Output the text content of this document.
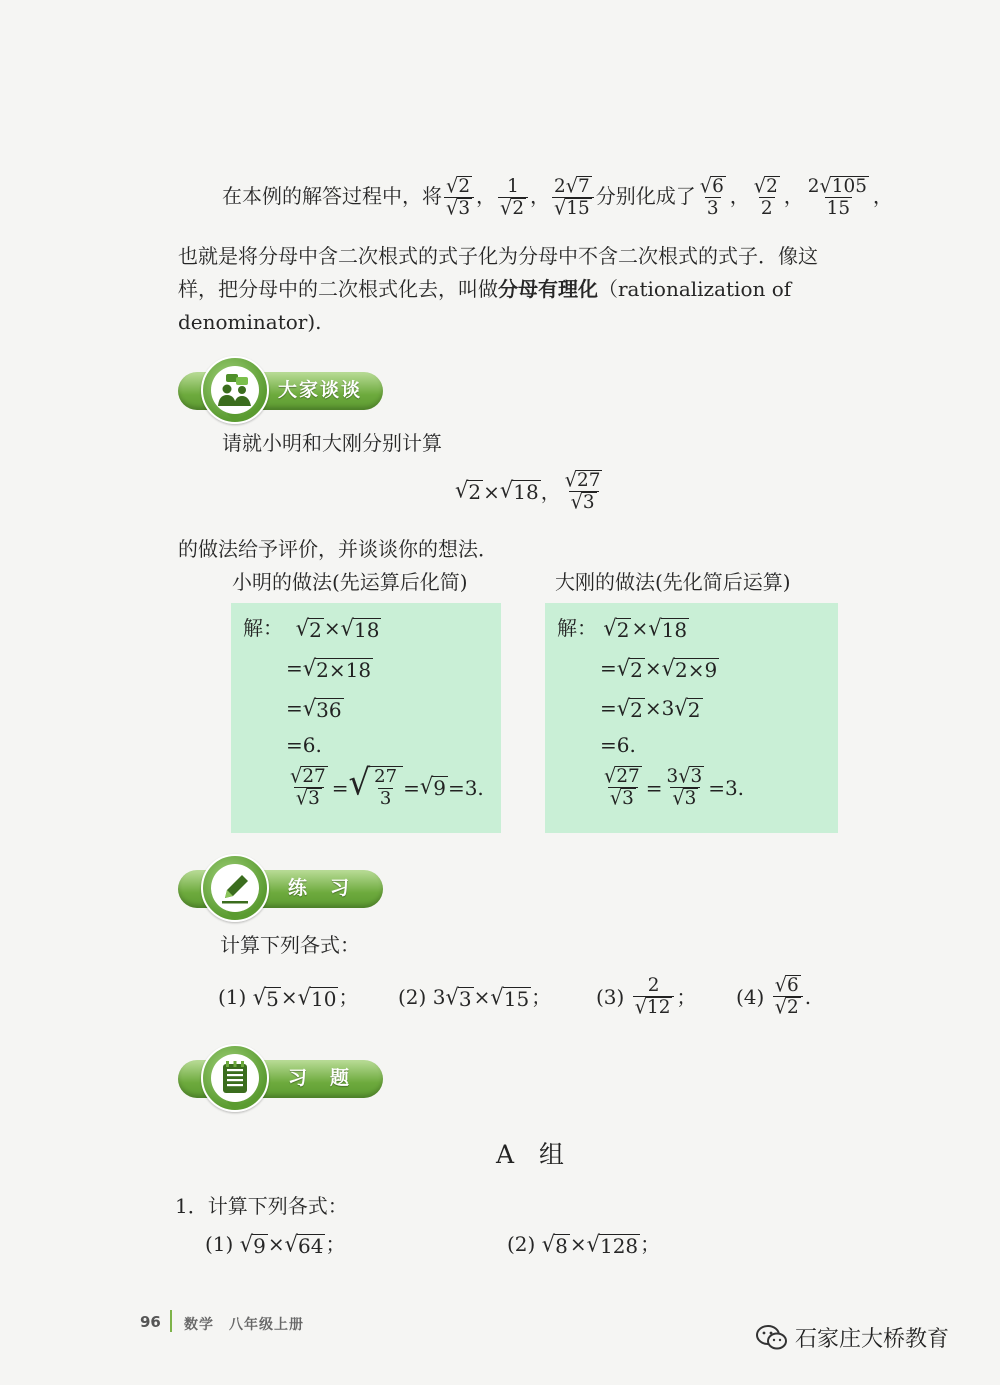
在本例的解答过程中，将 $\frac{√ 2}{√ 3}$ ， $\frac{1}{√ 2}$ ， $\frac{2 √ 7}{√ 15}$ 分别化成了 $\frac{√ 6}{3}$ ， $\frac{√ 2}{2}$ ， $\frac{2 √ 105}{15}$ ，
也就是将分母中含二次根式的式子化为分母中不含二次根式的式子．像这
样，把分母中的二次根式化去，叫做分母有理化（rationalization of
denominator).
大家谈谈
请就小明和大刚分别计算
√ 2 × √ 18 ， $\frac{√ 27}{√ 3}$
的做法给予评价，并谈谈你的想法．
小明的做法(先运算后化简)	大刚的做法(先化简后运算)
解： √ 2 × √ 18
= √ 2×18
= √ 36
=6.
$\frac{√ 27}{√ 3}$ = √ $\frac{27}{3}$ = √ 9 =3.
解： √ 2 × √ 18
= √ 2 × √ 2×9
= √ 2 ×3 √ 2
=6.
$\frac{√ 27}{√ 3} = \frac{3 √ 3}{√ 3} =3$.
练　习
计算下列各式：
(1) √ 5 × √ 10 ； (2) 3 √ 3 × √ 15 ； (3)
$\frac{2}{√ 12}$ ； (4)
$\frac{√ 6}{√ 2}$ .
习　题
A　组
1．计算下列各式：
(1) √ 9 × √ 64 ；	(2) √ 8 × √ 128 ；
96 数学　八年级上册
石家庄大桥教育
